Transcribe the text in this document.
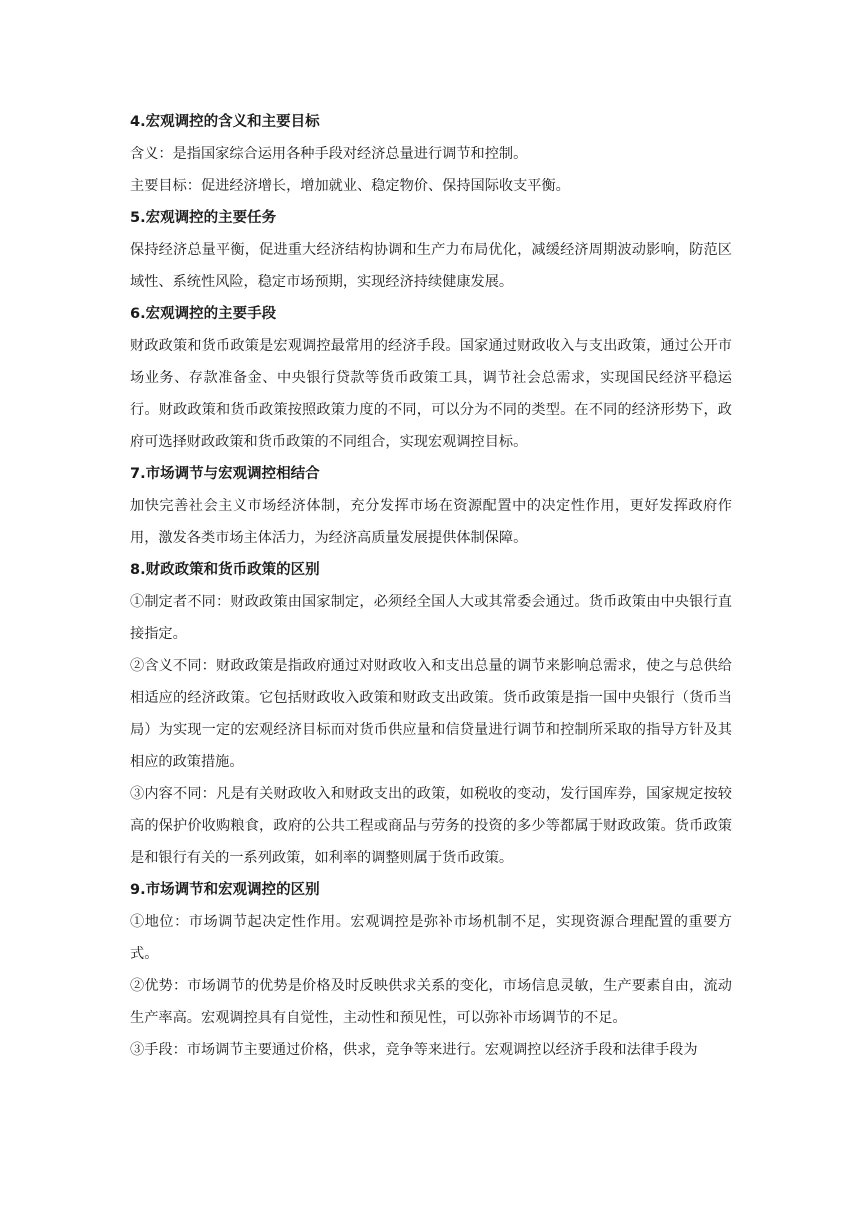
4.宏观调控的含义和主要目标

含义：是指国家综合运用各种手段对经济总量进行调节和控制。

主要目标：促进经济增长，增加就业、稳定物价、保持国际收支平衡。

5.宏观调控的主要任务

保持经济总量平衡，促进重大经济结构协调和生产力布局优化，减缓经济周期波动影响，防范区域性、系统性风险，稳定市场预期，实现经济持续健康发展。

6.宏观调控的主要手段

财政政策和货币政策是宏观调控最常用的经济手段。国家通过财政收入与支出政策，通过公开市场业务、存款准备金、中央银行贷款等货币政策工具，调节社会总需求，实现国民经济平稳运行。财政政策和货币政策按照政策力度的不同，可以分为不同的类型。在不同的经济形势下，政府可选择财政政策和货币政策的不同组合，实现宏观调控目标。

7.市场调节与宏观调控相结合

加快完善社会主义市场经济体制，充分发挥市场在资源配置中的决定性作用，更好发挥政府作用，激发各类市场主体活力，为经济高质量发展提供体制保障。

8.财政政策和货币政策的区别

①制定者不同：财政政策由国家制定，必须经全国人大或其常委会通过。货币政策由中央银行直接指定。

②含义不同：财政政策是指政府通过对财政收入和支出总量的调节来影响总需求，使之与总供给相适应的经济政策。它包括财政收入政策和财政支出政策。货币政策是指一国中央银行（货币当局）为实现一定的宏观经济目标而对货币供应量和信贷量进行调节和控制所采取的指导方针及其相应的政策措施。

③内容不同：凡是有关财政收入和财政支出的政策，如税收的变动，发行国库券，国家规定按较高的保护价收购粮食，政府的公共工程或商品与劳务的投资的多少等都属于财政政策。货币政策是和银行有关的一系列政策，如利率的调整则属于货币政策。

9.市场调节和宏观调控的区别

①地位：市场调节起决定性作用。宏观调控是弥补市场机制不足，实现资源合理配置的重要方式。

②优势：市场调节的优势是价格及时反映供求关系的变化，市场信息灵敏，生产要素自由，流动生产率高。宏观调控具有自觉性，主动性和预见性，可以弥补市场调节的不足。

③手段：市场调节主要通过价格，供求，竞争等来进行。宏观调控以经济手段和法律手段为
